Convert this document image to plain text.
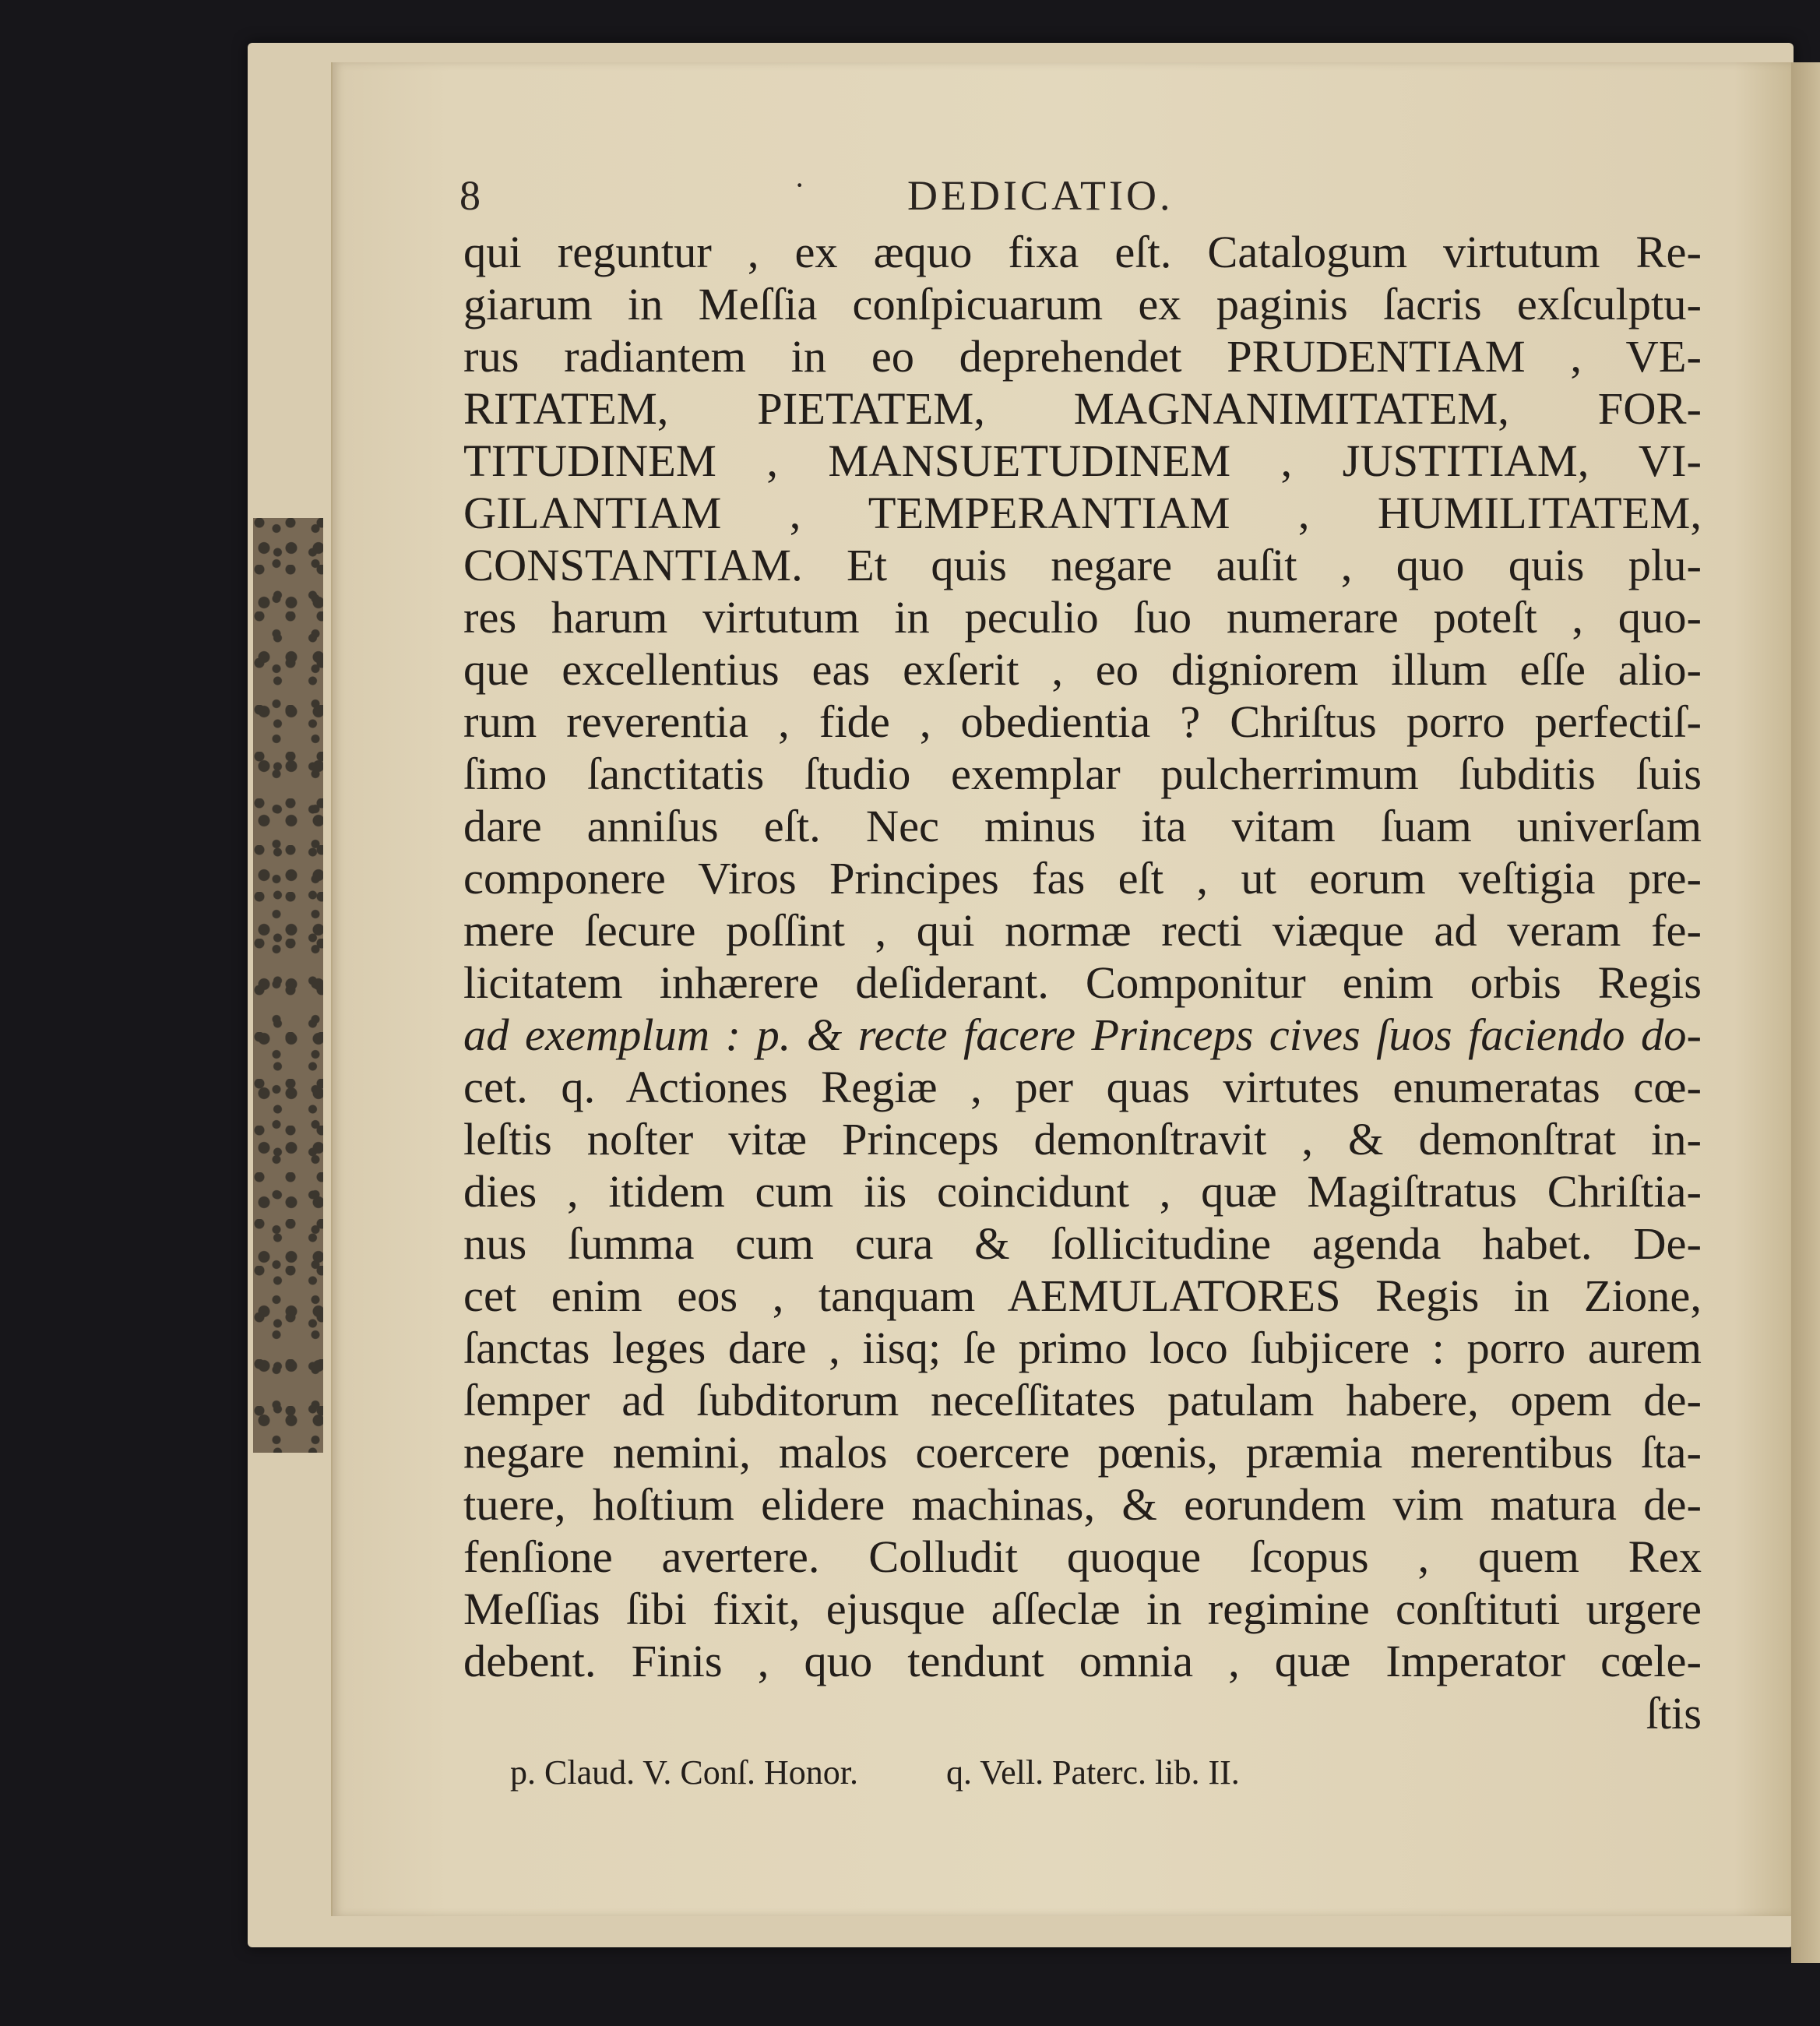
8	· DEDICATIO.
qui reguntur , ex æquo fixa eſt. Catalogum virtutum Re-
giarum in Meſſia conſpicuarum ex paginis ſacris exſculptu-
rus radiantem in eo deprehendet PRUDENTIAM , VE-
RITATEM, PIETATEM, MAGNANIMITATEM, FOR-
TITUDINEM , MANSUETUDINEM , JUSTITIAM, VI-
GILANTIAM , TEMPERANTIAM , HUMILITATEM,
CONSTANTIAM. Et quis negare auſit , quo quis plu-
res harum virtutum in peculio ſuo numerare poteſt , quo-
que excellentius eas exſerit , eo digniorem illum eſſe alio-
rum reverentia , fide , obedientia ? Chriſtus porro perfectiſ-
ſimo ſanctitatis ſtudio exemplar pulcherrimum ſubditis ſuis
dare anniſus eſt. Nec minus ita vitam ſuam univerſam
componere Viros Principes fas eſt , ut eorum veſtigia pre-
mere ſecure poſſint , qui normæ recti viæque ad veram fe-
licitatem inhærere deſiderant. Componitur enim orbis Regis
ad exemplum : p. & recte facere Princeps cives ſuos faciendo do-
cet. q. Actiones Regiæ , per quas virtutes enumeratas cœ-
leſtis noſter vitæ Princeps demonſtravit , & demonſtrat in-
dies , itidem cum iis coincidunt , quæ Magiſtratus Chriſtia-
nus ſumma cum cura & ſollicitudine agenda habet. De-
cet enim eos , tanquam AEMULATORES Regis in Zione,
ſanctas leges dare , iisq; ſe primo loco ſubjicere : porro aurem
ſemper ad ſubditorum neceſſitates patulam habere, opem de-
negare nemini, malos coercere pœnis, præmia merentibus ſta-
tuere, hoſtium elidere machinas, & eorundem vim matura de-
fenſione avertere. Colludit quoque ſcopus , quem Rex
Meſſias ſibi fixit, ejusque aſſeclæ in regimine conſtituti urgere
debent. Finis , quo tendunt omnia , quæ Imperator cœle-
ſtis
p. Claud. V. Conſ. Honor.	q. Vell. Paterc. lib. II.
